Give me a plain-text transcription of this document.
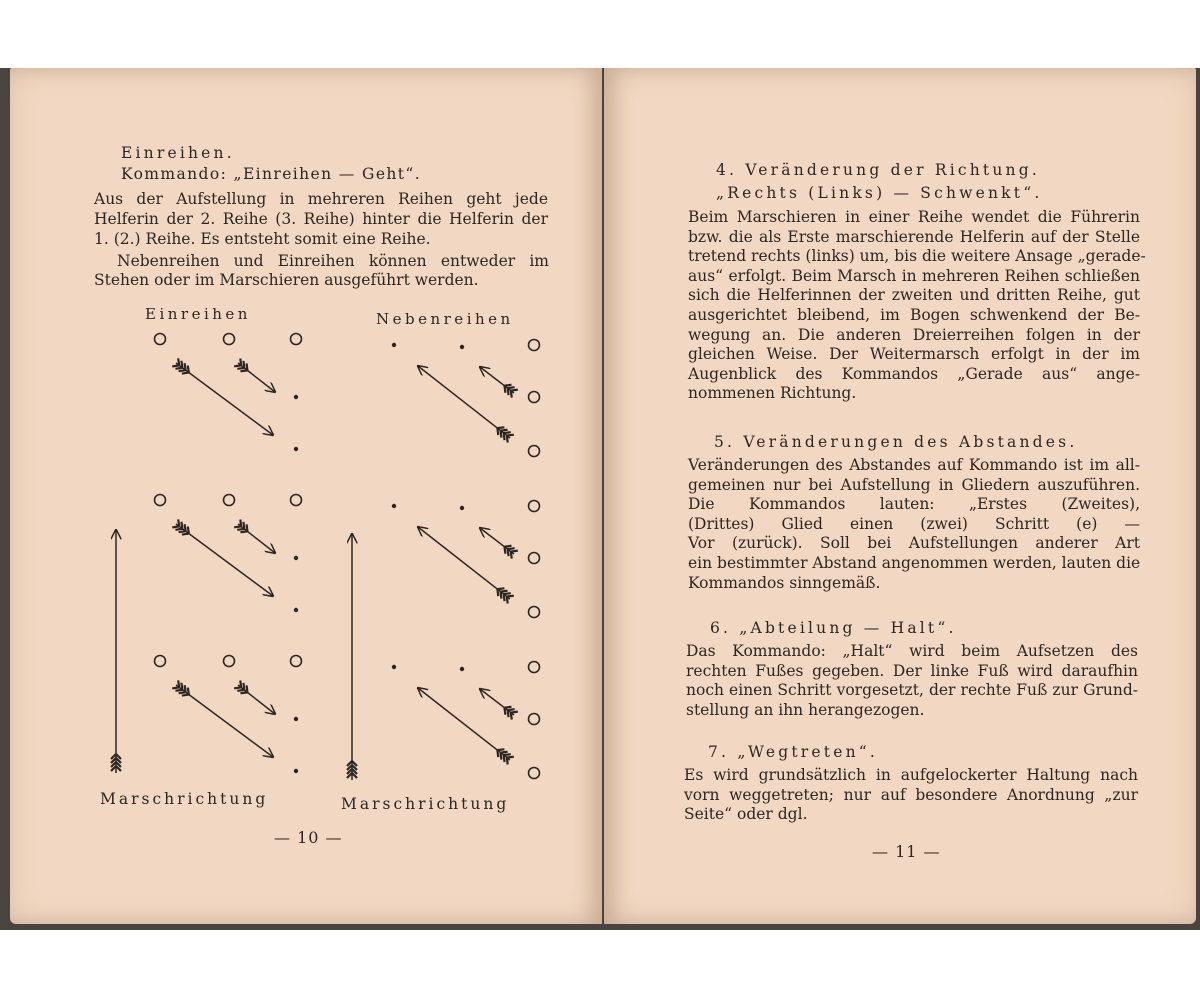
Einreihen.
Kommando: „Einreihen — Geht“.
Aus der Aufstellung in mehreren Reihen geht jede
Helferin der 2. Reihe (3. Reihe) hinter die Helferin der
1. (2.) Reihe. Es entsteht somit eine Reihe.
Nebenreihen und Einreihen können entweder im
Stehen oder im Marschieren ausgeführt werden.
Einreihen	Nebenreihen
Marschrichtung	Marschrichtung
— 10 —
4. Veränderung der Richtung.
„Rechts (Links) — Schwenkt“.
Beim Marschieren in einer Reihe wendet die Führerin
bzw. die als Erste marschierende Helferin auf der Stelle
tretend rechts (links) um, bis die weitere Ansage „gerade-
aus“ erfolgt. Beim Marsch in mehreren Reihen schließen
sich die Helferinnen der zweiten und dritten Reihe, gut
ausgerichtet bleibend, im Bogen schwenkend der Be-
wegung an. Die anderen Dreierreihen folgen in der
gleichen Weise. Der Weitermarsch erfolgt in der im
Augenblick des Kommandos „Gerade aus“ ange-
nommenen Richtung.
5. Veränderungen des Abstandes.
Veränderungen des Abstandes auf Kommando ist im all-
gemeinen nur bei Aufstellung in Gliedern auszuführen.
Die Kommandos lauten: „Erstes (Zweites),
(Drittes) Glied einen (zwei) Schritt (e) —
Vor (zurück). Soll bei Aufstellungen anderer Art
ein bestimmter Abstand angenommen werden, lauten die
Kommandos sinngemäß.
6. „Abteilung — Halt“.
Das Kommando: „Halt“ wird beim Aufsetzen des
rechten Fußes gegeben. Der linke Fuß wird daraufhin
noch einen Schritt vorgesetzt, der rechte Fuß zur Grund-
stellung an ihn herangezogen.
7. „Wegtreten“.
Es wird grundsätzlich in aufgelockerter Haltung nach
vorn weggetreten; nur auf besondere Anordnung „zur
Seite“ oder dgl.
— 11 —
